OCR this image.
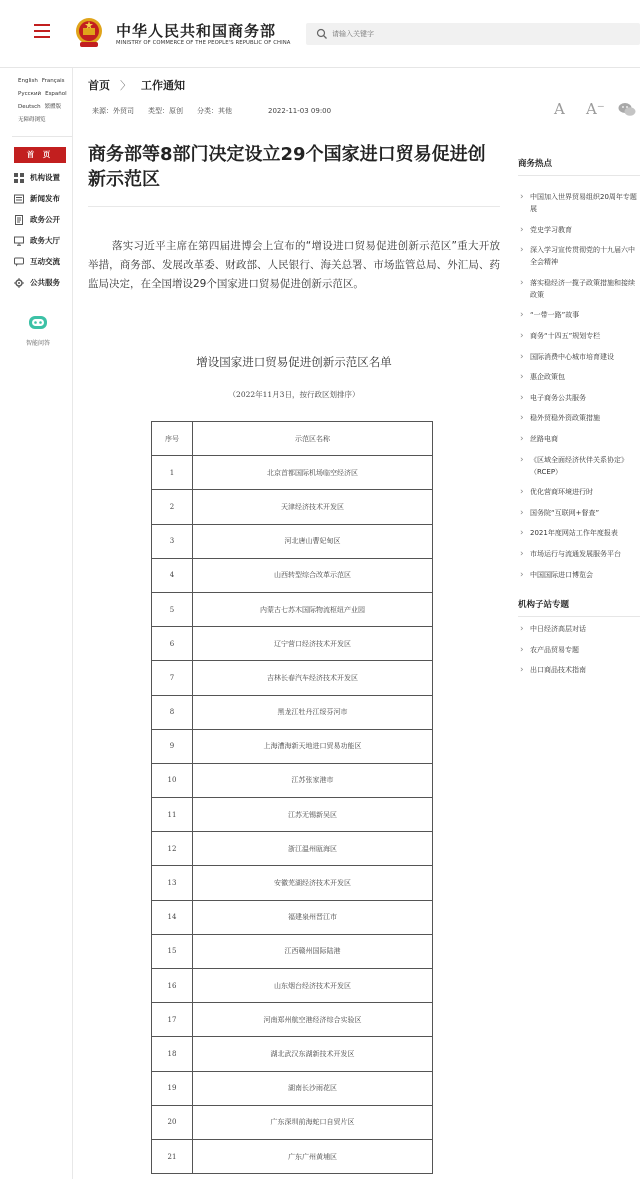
中华人民共和国商务部
MINISTRY OF COMMERCE OF THE PEOPLE'S REPUBLIC OF CHINA
请输入关键字
English Français
Русский Español
Deutsch 繁體版
无障碍浏览
首 页
机构设置
新闻发布
政务公开
政务大厅
互动交流
公共服务
智能问答
首页 〉 工作通知
来源：外贸司 类型：原创 分类：其他	2022-11-03 09:00
商务部等8部门决定设立29个国家进口贸易促进创新示范区
落实习近平主席在第四届进博会上宣布的“增设进口贸易促进创新示范区”重大开放举措，商务部、发展改革委、财政部、人民银行、海关总署、市场监管总局、外汇局、药监局决定，在全国增设29个国家进口贸易促进创新示范区。
增设国家进口贸易促进创新示范区名单
（2022年11月3日，按行政区划排序）
序号	示范区名称
1	北京首都国际机场临空经济区
2	天津经济技术开发区
3	河北唐山曹妃甸区
4	山西转型综合改革示范区
5	内蒙古七苏木国际物流枢纽产业园
6	辽宁营口经济技术开发区
7	吉林长春汽车经济技术开发区
8	黑龙江牡丹江绥芬河市
9	上海漕海新天地进口贸易功能区
10	江苏张家港市
11	江苏无锡新吴区
12	浙江温州瓯海区
13	安徽芜湖经济技术开发区
14	福建泉州晋江市
15	江西赣州国际陆港
16	山东烟台经济技术开发区
17	河南郑州航空港经济综合实验区
18	湖北武汉东湖新技术开发区
19	湖南长沙雨花区
20	广东深圳前海蛇口自贸片区
21	广东广州黄埔区
A A⁻
商务热点
› 中国加入世界贸易组织20周年专题展
› 党史学习教育
› 深入学习宣传贯彻党的十九届六中全会精神
› 落实稳经济一揽子政策措施和接续政策
› “一带一路”故事
› 商务“十四五”规划专栏
› 国际消费中心城市培育建设
› 惠企政策包
› 电子商务公共服务
› 稳外贸稳外资政策措施
› 丝路电商
› 《区域全面经济伙伴关系协定》（RCEP）
› 优化营商环境进行时
› 国务院“互联网+督查”
› 2021年度网站工作年度报表
› 市场运行与流通发展服务平台
› 中国国际进口博览会
机构子站专题
› 中日经济高层对话
› 农产品贸易专题
› 出口商品技术指南
